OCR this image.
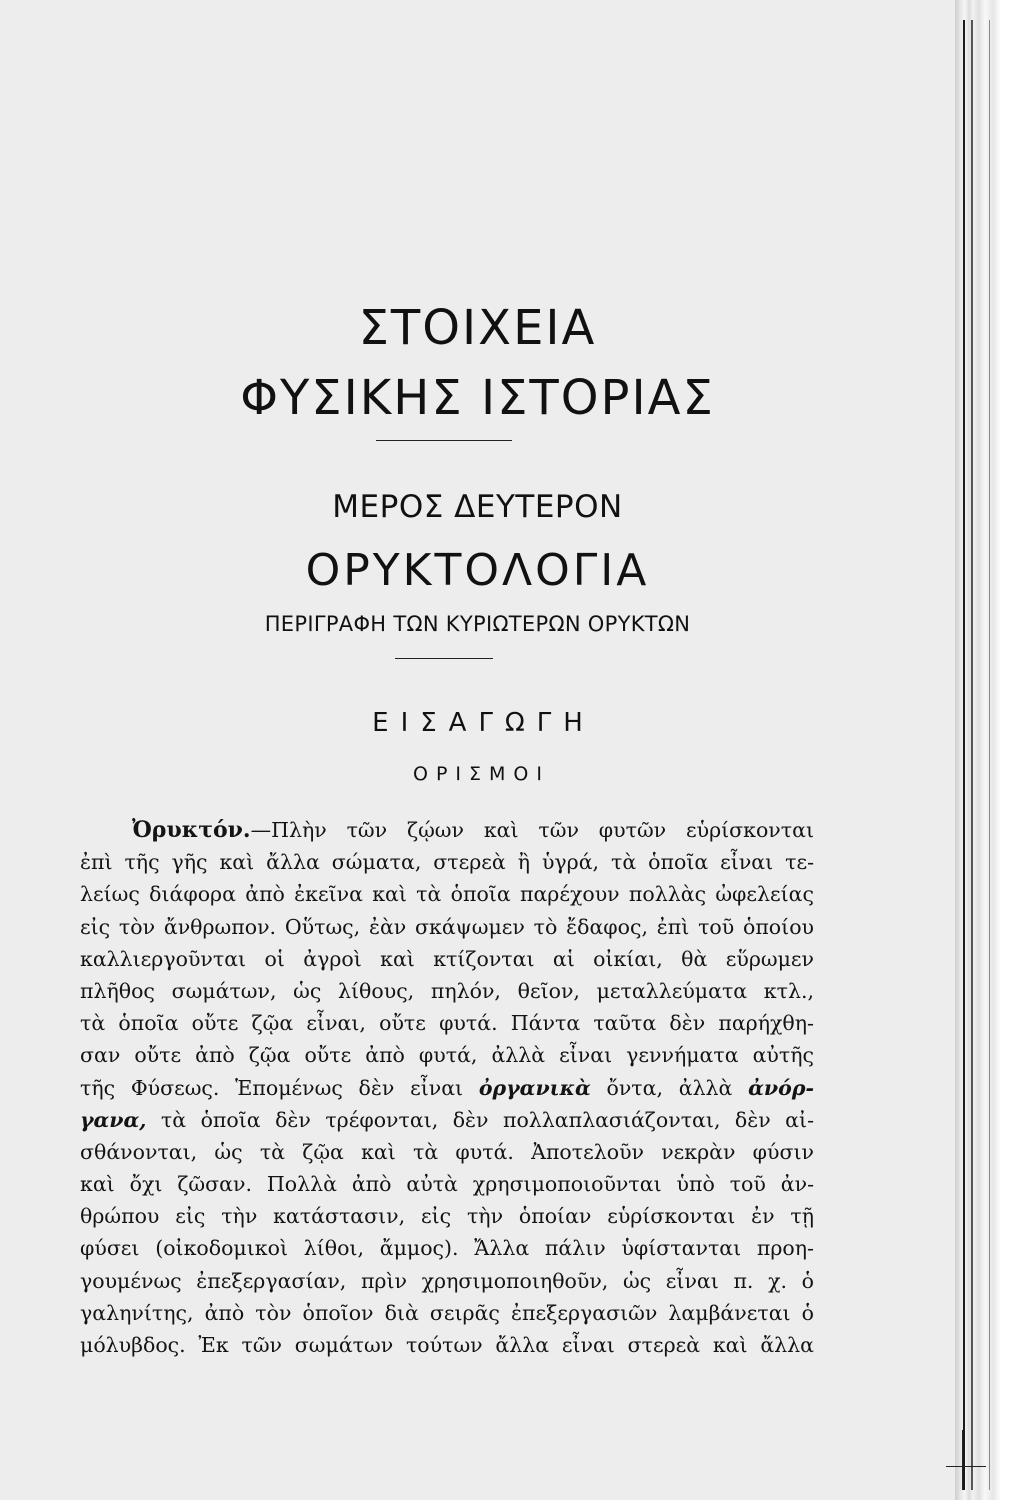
ΣΤΟΙΧΕΙΑ
ΦΥΣΙΚΗΣ ΙΣΤΟΡΙΑΣ
ΜΕΡΟΣ ΔΕΥΤΕΡΟΝ
ΟΡΥΚΤΟΛΟΓΙΑ
ΠΕΡΙΓΡΑΦΗ ΤΩΝ ΚΥΡΙΩΤΕΡΩΝ ΟΡΥΚΤΩΝ
ΕΙΣΑΓΩΓΗ
ΟΡΙΣΜΟΙ
Ὀρυκτόν.—Πλὴν τῶν ζῴων καὶ τῶν φυτῶν εὑρίσκονται
ἐπὶ τῆς γῆς καὶ ἄλλα σώματα, στερεὰ ἢ ὑγρά, τὰ ὁποῖα εἶναι τε-
λείως διάφορα ἀπὸ ἐκεῖνα καὶ τὰ ὁποῖα παρέχουν πολλὰς ὠφελείας
εἰς τὸν ἄνθρωπον. Οὕτως, ἐὰν σκάψωμεν τὸ ἔδαφος, ἐπὶ τοῦ ὁποίου
καλλιεργοῦνται οἱ ἀγροὶ καὶ κτίζονται αἱ οἰκίαι, θὰ εὕρωμεν
πλῆθος σωμάτων, ὡς λίθους, πηλόν, θεῖον, μεταλλεύματα κτλ.,
τὰ ὁποῖα οὔτε ζῷα εἶναι, οὔτε φυτά. Πάντα ταῦτα δὲν παρήχθη-
σαν οὔτε ἀπὸ ζῷα οὔτε ἀπὸ φυτά, ἀλλὰ εἶναι γεννήματα αὐτῆς
τῆς Φύσεως. Ἑπομένως δὲν εἶναι ὀργανικὰ ὄντα, ἀλλὰ ἀνόρ-
γανα, τὰ ὁποῖα δὲν τρέφονται, δὲν πολλαπλασιάζονται, δὲν αἰ-
σθάνονται, ὡς τὰ ζῷα καὶ τὰ φυτά. Ἀποτελοῦν νεκρὰν φύσιν
καὶ ὄχι ζῶσαν. Πολλὰ ἀπὸ αὐτὰ χρησιμοποιοῦνται ὑπὸ τοῦ ἀν-
θρώπου εἰς τὴν κατάστασιν, εἰς τὴν ὁποίαν εὑρίσκονται ἐν τῇ
φύσει (οἰκοδομικοὶ λίθοι, ἄμμος). Ἄλλα πάλιν ὑφίστανται προη-
γουμένως ἐπεξεργασίαν, πρὶν χρησιμοποιηθοῦν, ὡς εἶναι π. χ. ὁ
γαληνίτης, ἀπὸ τὸν ὁποῖον διὰ σειρᾶς ἐπεξεργασιῶν λαμβάνεται ὁ
μόλυβδος. Ἐκ τῶν σωμάτων τούτων ἄλλα εἶναι στερεὰ καὶ ἄλλα
